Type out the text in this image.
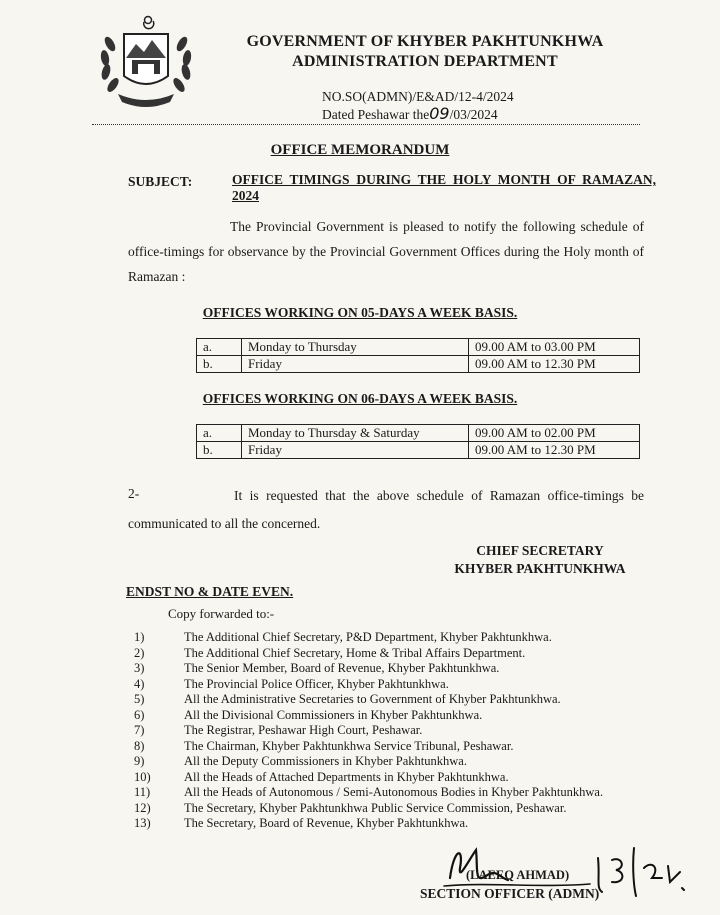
GOVERNMENT OF KHYBER PAKHTUNKHWA
ADMINISTRATION DEPARTMENT
NO.SO(ADMN)/E&AD/12-4/2024
Dated Peshawar the09/03/2024
OFFICE MEMORANDUM
SUBJECT:	OFFICE TIMINGS DURING THE HOLY MONTH OF RAMAZAN, 2024
The Provincial Government is pleased to notify the following schedule of office-timings for observance by the Provincial Government Offices during the Holy month of Ramazan :
OFFICES WORKING ON 05-DAYS A WEEK BASIS.
a.	Monday to Thursday	09.00 AM to 03.00 PM
b.	Friday	09.00 AM to 12.30 PM
OFFICES WORKING ON 06-DAYS A WEEK BASIS.
a.	Monday to Thursday & Saturday	09.00 AM to 02.00 PM
b.	Friday	09.00 AM to 12.30 PM
2-	It is requested that the above schedule of Ramazan office-timings be communicated to all the concerned.
CHIEF SECRETARY
KHYBER PAKHTUNKHWA
ENDST NO & DATE EVEN.
Copy forwarded to:-
1)	The Additional Chief Secretary, P&D Department, Khyber Pakhtunkhwa.
2)	The Additional Chief Secretary, Home & Tribal Affairs Department.
3)	The Senior Member, Board of Revenue, Khyber Pakhtunkhwa.
4)	The Provincial Police Officer, Khyber Pakhtunkhwa.
5)	All the Administrative Secretaries to Government of Khyber Pakhtunkhwa.
6)	All the Divisional Commissioners in Khyber Pakhtunkhwa.
7)	The Registrar, Peshawar High Court, Peshawar.
8)	The Chairman, Khyber Pakhtunkhwa Service Tribunal, Peshawar.
9)	All the Deputy Commissioners in Khyber Pakhtunkhwa.
10)	All the Heads of Attached Departments in Khyber Pakhtunkhwa.
11)	All the Heads of Autonomous / Semi-Autonomous Bodies in Khyber Pakhtunkhwa.
12)	The Secretary, Khyber Pakhtunkhwa Public Service Commission, Peshawar.
13)	The Secretary, Board of Revenue, Khyber Pakhtunkhwa.
(LAEEQ AHMAD)
SECTION OFFICER (ADMN)
